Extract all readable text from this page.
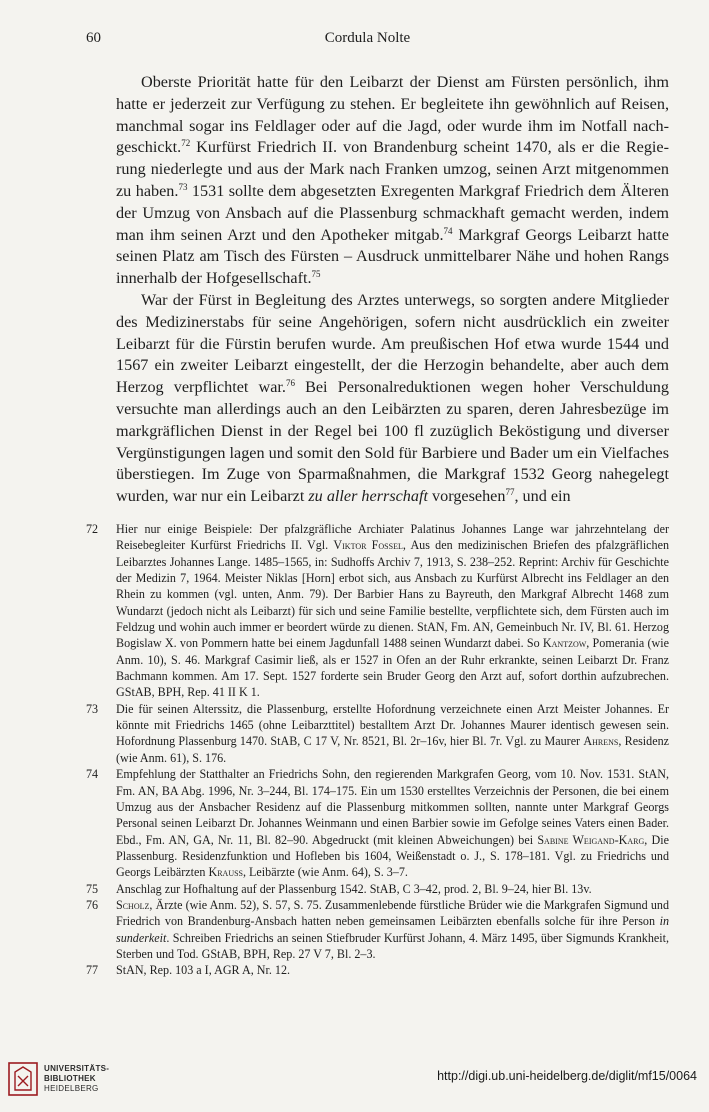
60	Cordula Nolte

Oberste Priorität hatte für den Leibarzt der Dienst am Fürsten persönlich, ihm hatte er jederzeit zur Verfügung zu stehen. Er begleitete ihn gewöhnlich auf Reisen, manchmal sogar ins Feldlager oder auf die Jagd, oder wurde ihm im Notfall nachgeschickt.$^{72}$ Kurfürst Friedrich II. von Brandenburg scheint 1470, als er die Regierung niederlegte und aus der Mark nach Franken umzog, seinen Arzt mitgenommen zu haben.$^{73}$ 1531 sollte dem abgesetzten Exregenten Markgraf Friedrich dem Älteren der Umzug von Ansbach auf die Plassenburg schmackhaft gemacht werden, indem man ihm seinen Arzt und den Apotheker mitgab.$^{74}$ Markgraf Georgs Leibarzt hatte seinen Platz am Tisch des Fürsten – Ausdruck unmittelbarer Nähe und hohen Rangs innerhalb der Hofgesellschaft.$^{75}$

War der Fürst in Begleitung des Arztes unterwegs, so sorgten andere Mitglieder des Medizinerstabs für seine Angehörigen, sofern nicht ausdrücklich ein zweiter Leibarzt für die Fürstin berufen wurde. Am preußischen Hof etwa wurde 1544 und 1567 ein zweiter Leibarzt eingestellt, der die Herzogin behandelte, aber auch dem Herzog verpflichtet war.$^{76}$ Bei Personalreduktionen wegen hoher Verschuldung versuchte man allerdings auch an den Leibärzten zu sparen, deren Jahresbezüge im markgräflichen Dienst in der Regel bei 100 fl zuzüglich Beköstigung und diverser Vergünstigungen lagen und somit den Sold für Barbiere und Bader um ein Vielfaches überstiegen. Im Zuge von Sparmaßnahmen, die Markgraf 1532 Georg nahegelegt wurden, war nur ein Leibarzt zu aller herrschaft vorgesehen$^{77}$, und ein

72	Hier nur einige Beispiele: Der pfalzgräfliche Archiater Palatinus Johannes Lange war jahrzehntelang der Reisebegleiter Kurfürst Friedrichs II. Vgl. Viktor Fossel, Aus den medizinischen Briefen des pfalzgräflichen Leibarztes Johannes Lange. 1485–1565, in: Sudhoffs Archiv 7, 1913, S. 238–252. Reprint: Archiv für Geschichte der Medizin 7, 1964. Meister Niklas [Horn] erbot sich, aus Ansbach zu Kurfürst Albrecht ins Feldlager an den Rhein zu kommen (vgl. unten, Anm. 79). Der Barbier Hans zu Bayreuth, den Markgraf Albrecht 1468 zum Wundarzt (jedoch nicht als Leibarzt) für sich und seine Familie bestellte, verpflichtete sich, dem Fürsten auch im Feldzug und wohin auch immer er beordert würde zu dienen. StAN, Fm. AN, Gemeinbuch Nr. IV, Bl. 61. Herzog Bogislaw X. von Pommern hatte bei einem Jagdunfall 1488 seinen Wundarzt dabei. So Kantzow, Pomerania (wie Anm. 10), S. 46. Markgraf Casimir ließ, als er 1527 in Ofen an der Ruhr erkrankte, seinen Leibarzt Dr. Franz Bachmann kommen. Am 17. Sept. 1527 forderte sein Bruder Georg den Arzt auf, sofort dorthin aufzubrechen. GStAB, BPH, Rep. 41 II K 1.
73	Die für seinen Alterssitz, die Plassenburg, erstellte Hofordnung verzeichnete einen Arzt Meister Johannes. Er könnte mit Friedrichs 1465 (ohne Leibarzttitel) bestalltem Arzt Dr. Johannes Maurer identisch gewesen sein. Hofordnung Plassenburg 1470. StAB, C 17 V, Nr. 8521, Bl. 2r–16v, hier Bl. 7r. Vgl. zu Maurer Ahrens, Residenz (wie Anm. 61), S. 176.
74	Empfehlung der Statthalter an Friedrichs Sohn, den regierenden Markgrafen Georg, vom 10. Nov. 1531. StAN, Fm. AN, BA Abg. 1996, Nr. 3–244, Bl. 174–175. Ein um 1530 erstelltes Verzeichnis der Personen, die bei einem Umzug aus der Ansbacher Residenz auf die Plassenburg mitkommen sollten, nannte unter Markgraf Georgs Personal seinen Leibarzt Dr. Johannes Weinmann und einen Barbier sowie im Gefolge seines Vaters einen Bader. Ebd., Fm. AN, GA, Nr. 11, Bl. 82–90. Abgedruckt (mit kleinen Abweichungen) bei Sabine Weigand-Karg, Die Plassenburg. Residenzfunktion und Hofleben bis 1604, Weißenstadt o. J., S. 178–181. Vgl. zu Friedrichs und Georgs Leibärzten Krauss, Leibärzte (wie Anm. 64), S. 3–7.
75	Anschlag zur Hofhaltung auf der Plassenburg 1542. StAB, C 3–42, prod. 2, Bl. 9–24, hier Bl. 13v.
76	Scholz, Ärzte (wie Anm. 52), S. 57, S. 75. Zusammenlebende fürstliche Brüder wie die Markgrafen Sigmund und Friedrich von Brandenburg-Ansbach hatten neben gemeinsamen Leibärzten ebenfalls solche für ihre Person in sunderkeit. Schreiben Friedrichs an seinen Stiefbruder Kurfürst Johann, 4. März 1495, über Sigmunds Krankheit, Sterben und Tod. GStAB, BPH, Rep. 27 V 7, Bl. 2–3.
77	StAN, Rep. 103 a I, AGR A, Nr. 12.
UNIVERSITÄTS-
BIBLIOTHEK
HEIDELBERG
http://digi.ub.uni-heidelberg.de/diglit/mf15/0064
